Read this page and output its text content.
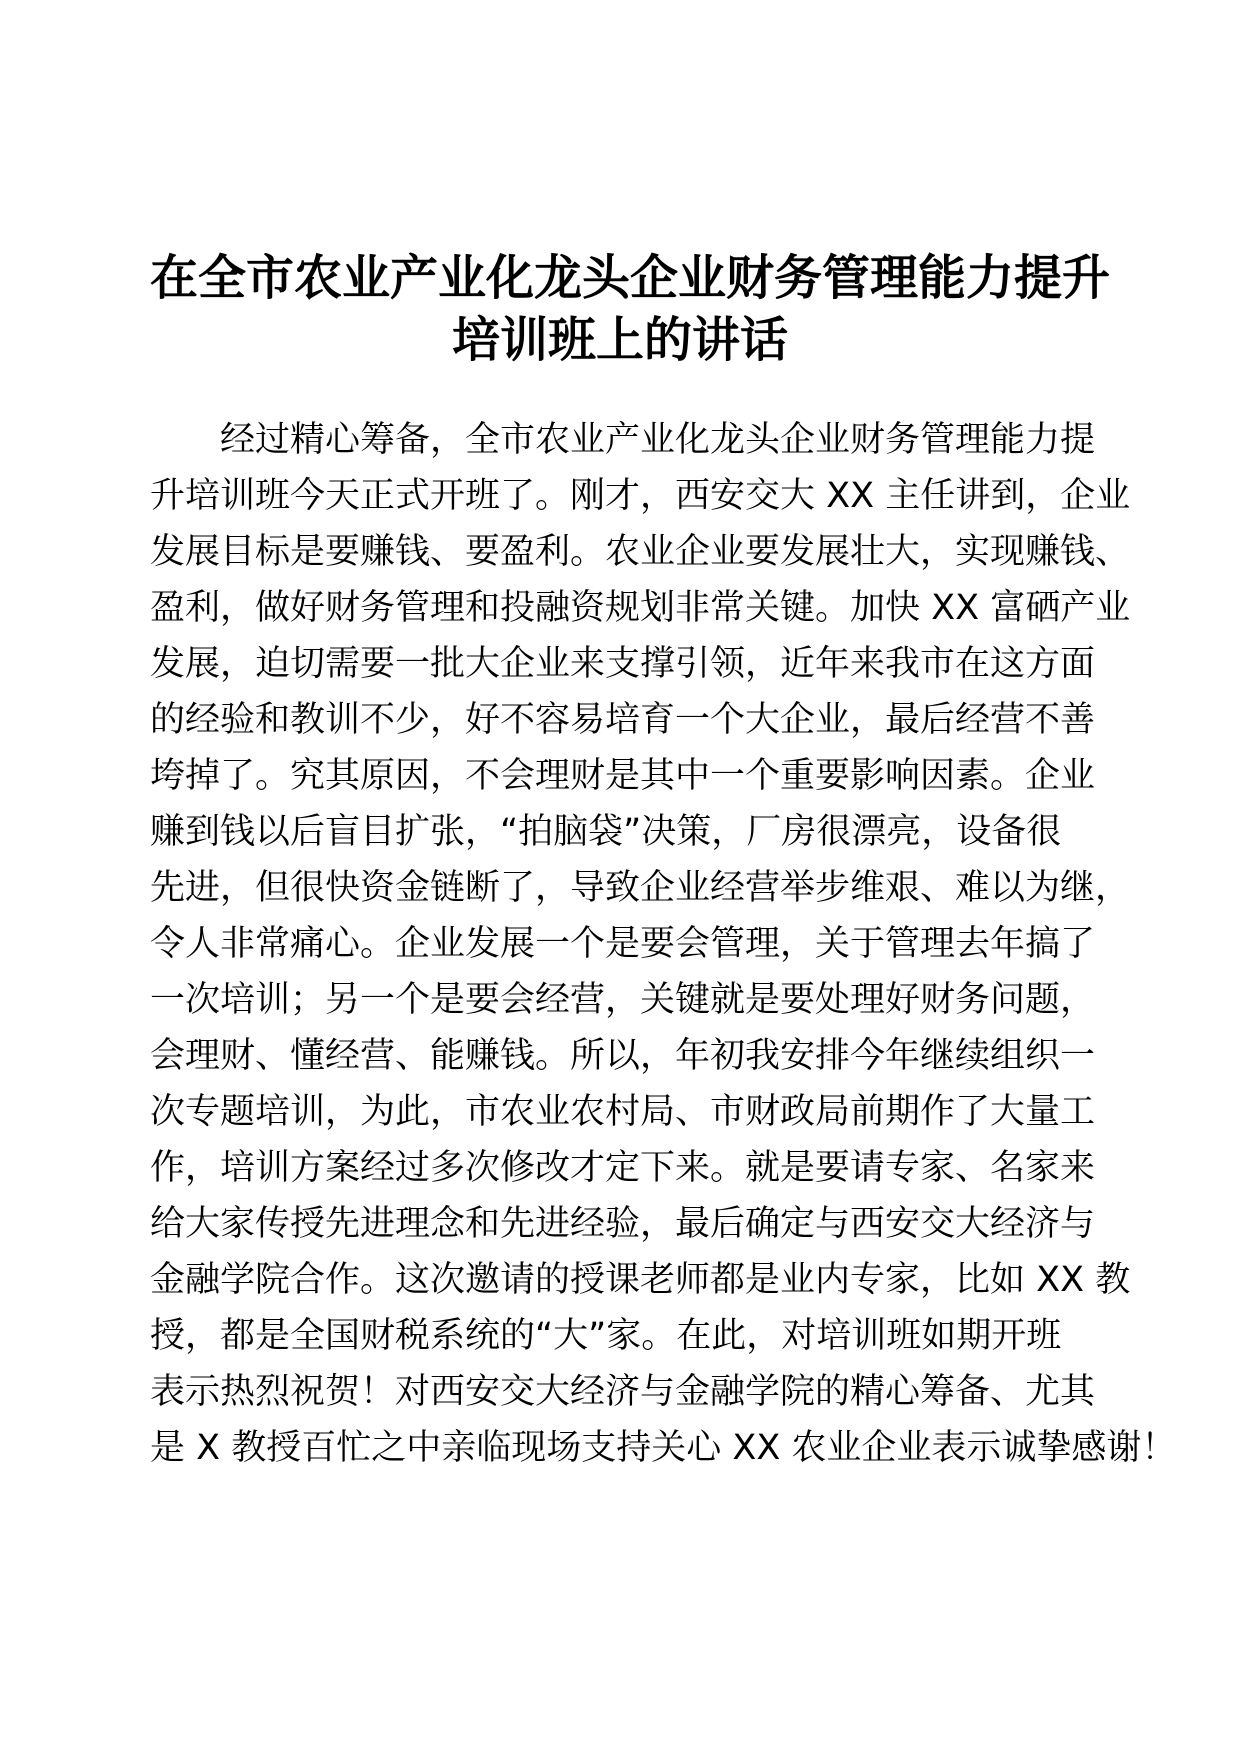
在全市农业产业化龙头企业财务管理能力提升
培训班上的讲话

经过精心筹备，全市农业产业化龙头企业财务管理能力提

升培训班今天正式开班了。刚才，西安交大 XX 主任讲到，企业

发展目标是要赚钱、要盈利。农业企业要发展壮大，实现赚钱、

盈利，做好财务管理和投融资规划非常关键。加快 XX 富硒产业

发展，迫切需要一批大企业来支撑引领，近年来我市在这方面

的经验和教训不少，好不容易培育一个大企业，最后经营不善

垮掉了。究其原因，不会理财是其中一个重要影响因素。企业

赚到钱以后盲目扩张，“拍脑袋”决策，厂房很漂亮，设备很

先进，但很快资金链断了，导致企业经营举步维艰、难以为继，

令人非常痛心。企业发展一个是要会管理，关于管理去年搞了

一次培训；另一个是要会经营，关键就是要处理好财务问题，

会理财、懂经营、能赚钱。所以，年初我安排今年继续组织一

次专题培训，为此，市农业农村局、市财政局前期作了大量工

作，培训方案经过多次修改才定下来。就是要请专家、名家来

给大家传授先进理念和先进经验，最后确定与西安交大经济与

金融学院合作。这次邀请的授课老师都是业内专家，比如 XX 教

授，都是全国财税系统的“大”家。在此，对培训班如期开班

表示热烈祝贺！对西安交大经济与金融学院的精心筹备、尤其

是 X 教授百忙之中亲临现场支持关心 XX 农业企业表示诚挚感谢！
